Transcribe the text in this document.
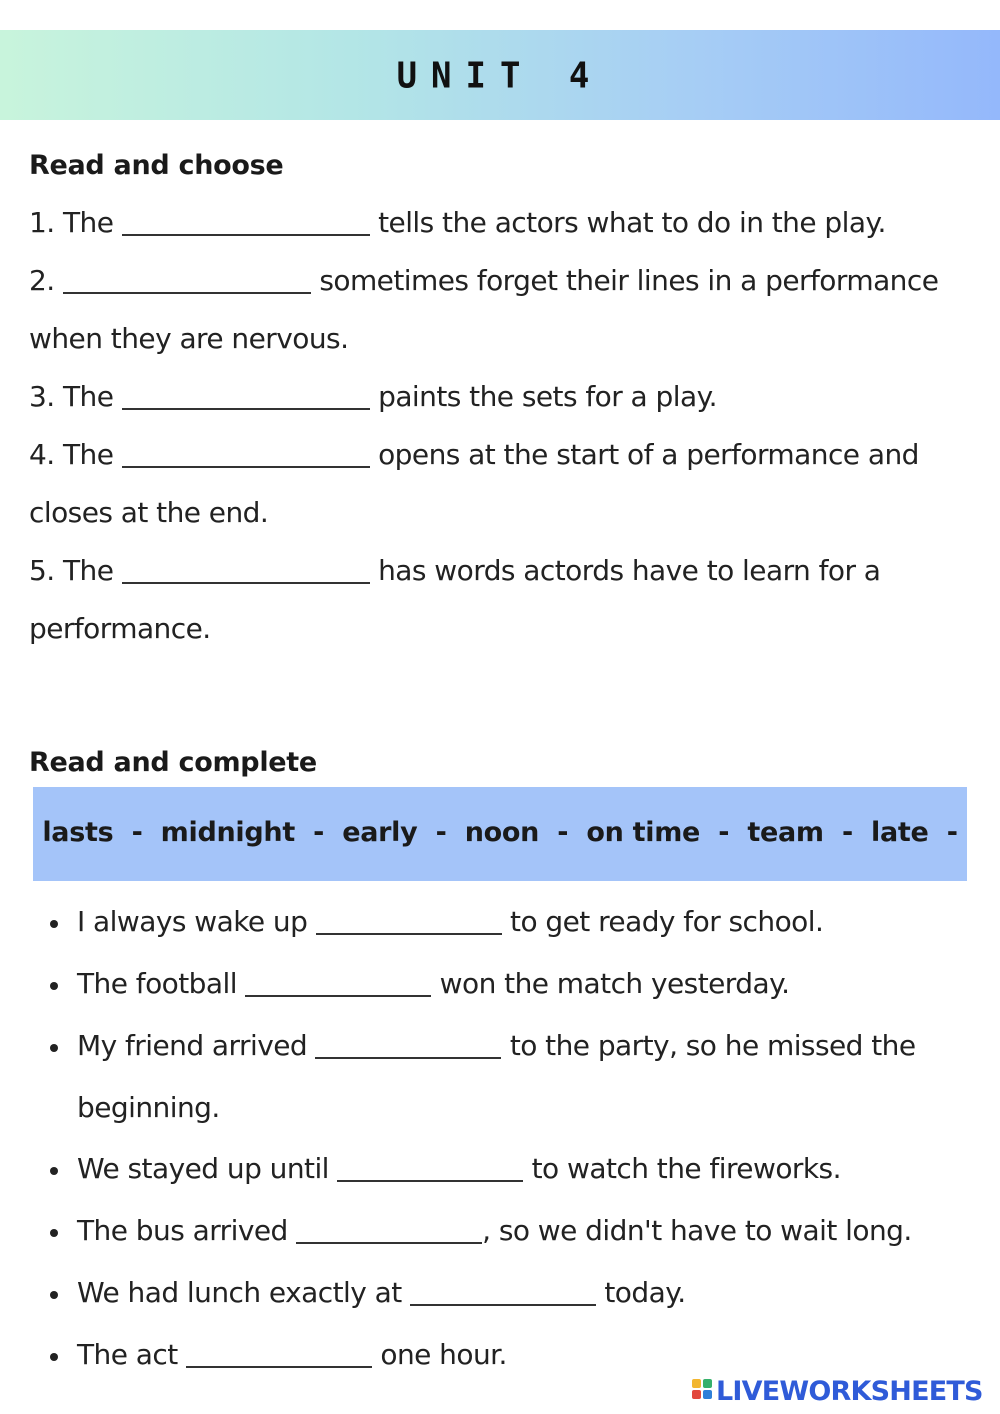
UNIT 4
Read and choose
1. The	tells the actors what to do in the play.
2.	sometimes forget their lines in a performance
when they are nervous.
3. The	paints the sets for a play.
4. The	opens at the start of a performance and
closes at the end.
5. The	has words actords have to learn for a
performance.
Read and complete
lasts  -  midnight  -  early  -  noon  -  on time  -  team  -  late  -
I always wake up	to get ready for school.
The football	won the match yesterday.
My friend arrived	to the party, so he missed the
beginning.
We stayed up until	to watch the fireworks.
The bus arrived	, so we didn't have to wait long.
We had lunch exactly at	today.
The act	one hour.
LIVEWORKSHEETS
